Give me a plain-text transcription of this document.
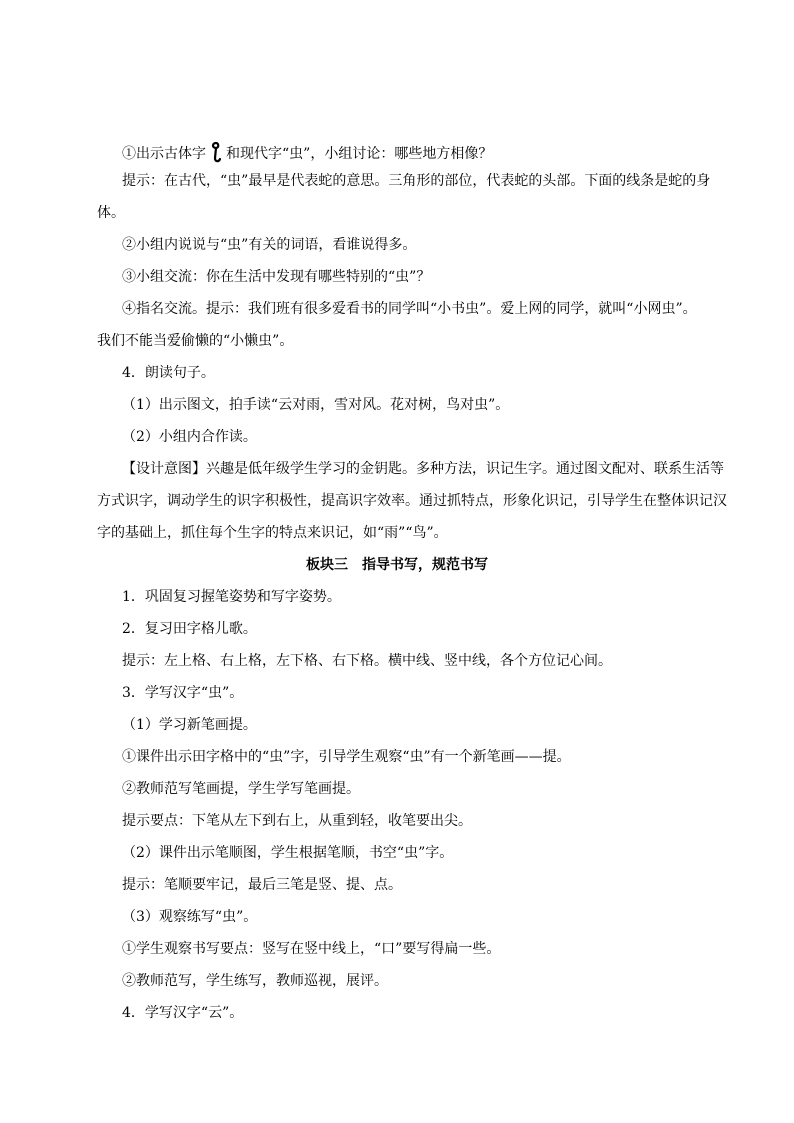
①出示古体字 和现代字“虫”，小组讨论：哪些地方相像？
提示：在古代，“虫”最早是代表蛇的意思。三角形的部位，代表蛇的头部。下面的线条是蛇的身
体。
②小组内说说与“虫”有关的词语，看谁说得多。
③小组交流：你在生活中发现有哪些特别的“虫”？
④指名交流。提示：我们班有很多爱看书的同学叫“小书虫”。爱上网的同学，就叫“小网虫”。
我们不能当爱偷懒的“小懒虫”。
4．朗读句子。
（1）出示图文，拍手读“云对雨，雪对风。花对树，鸟对虫”。
（2）小组内合作读。
【设计意图】兴趣是低年级学生学习的金钥匙。多种方法，识记生字。通过图文配对、联系生活等
方式识字，调动学生的识字积极性，提高识字效率。通过抓特点，形象化识记，引导学生在整体识记汉
字的基础上，抓住每个生字的特点来识记，如“雨”“鸟”。
板块三　指导书写，规范书写
1．巩固复习握笔姿势和写字姿势。
2．复习田字格儿歌。
提示：左上格、右上格，左下格、右下格。横中线、竖中线，各个方位记心间。
3．学写汉字“虫”。
（1）学习新笔画提。
①课件出示田字格中的“虫”字，引导学生观察“虫”有一个新笔画——提。
②教师范写笔画提，学生学写笔画提。
提示要点：下笔从左下到右上，从重到轻，收笔要出尖。
（2）课件出示笔顺图，学生根据笔顺，书空“虫”字。
提示：笔顺要牢记，最后三笔是竖、提、点。
（3）观察练写“虫”。
①学生观察书写要点：竖写在竖中线上，“口”要写得扁一些。
②教师范写，学生练写，教师巡视，展评。
4．学写汉字“云”。
